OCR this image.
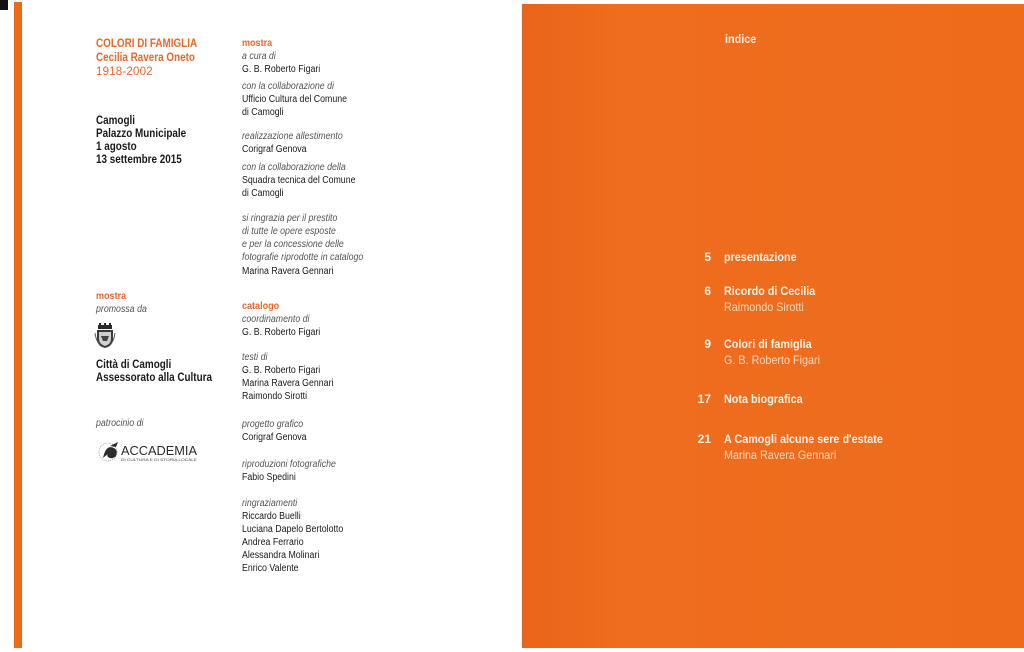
COLORI DI FAMIGLIA
Cecilia Ravera Oneto
1918-2002
Camogli
Palazzo Municipale
1 agosto
13 settembre 2015
mostra
promossa da
Città di Camogli
Assessorato alla Cultura
patrocinio di
ACCADEMIA
DI CULTURA E DI STORIA LOCALE
mostra
a cura di
G. B. Roberto Figari
con la collaborazione di
Ufficio Cultura del Comune
di Camogli
realizzazione allestimento
Corigraf Genova
con la collaborazione della
Squadra tecnica del Comune
di Camogli
si ringrazia per il prestito
di tutte le opere esposte
e per la concessione delle
fotografie riprodotte in catalogo
Marina Ravera Gennari
catalogo
coordinamento di
G. B. Roberto Figari
testi di
G. B. Roberto Figari
Marina Ravera Gennari
Raimondo Sirotti
progetto grafico
Corigraf Genova
riproduzioni fotografiche
Fabio Spedini
ringraziamenti
Riccardo Buelli
Luciana Dapelo Bertolotto
Andrea Ferrario
Alessandra Molinari
Enrico Valente
indice
5 presentazione
6 Ricordo di Cecilia
Raimondo Sirotti
9 Colori di famiglia
G. B. Roberto Figari
17 Nota biografica
21 A Camogli alcune sere d'estate
Marina Ravera Gennari
